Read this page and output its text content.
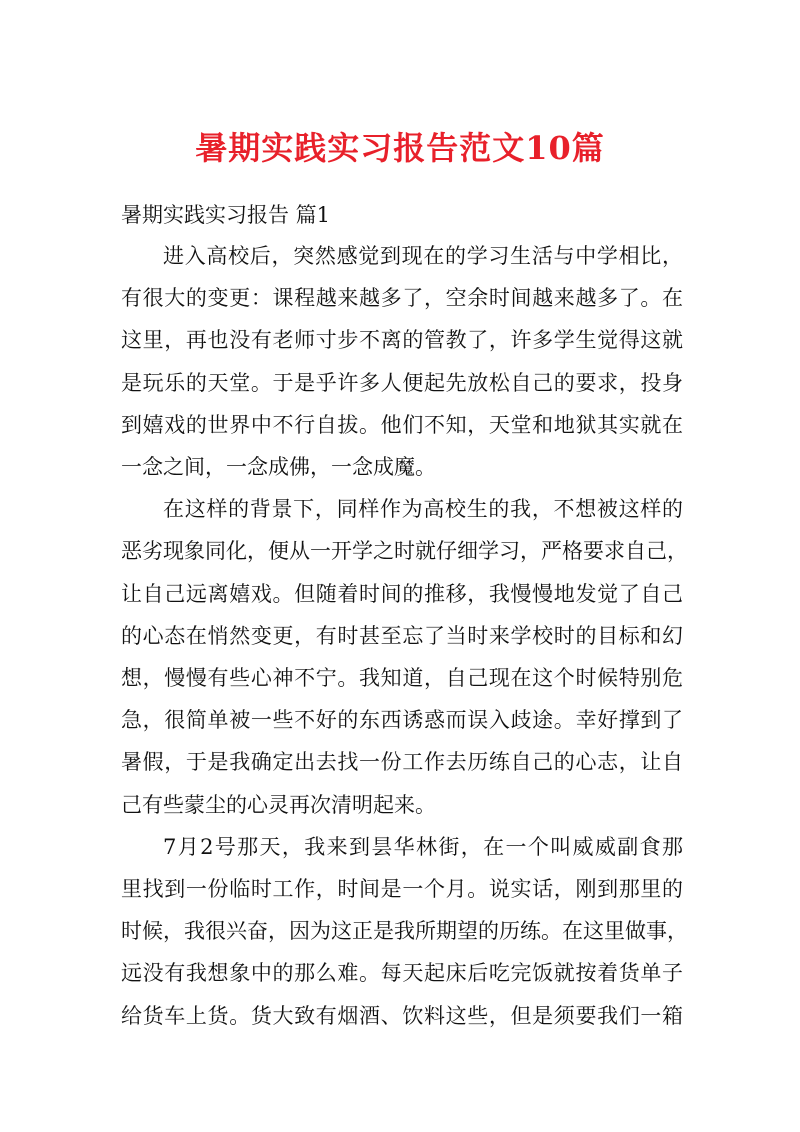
暑期实践实习报告范文10篇
暑期实践实习报告 篇1

进入高校后，突然感觉到现在的学习生活与中学相比，
有很大的变更：课程越来越多了，空余时间越来越多了。在
这里，再也没有老师寸步不离的管教了，许多学生觉得这就
是玩乐的天堂。于是乎许多人便起先放松自己的要求，投身
到嬉戏的世界中不行自拔。他们不知，天堂和地狱其实就在
一念之间，一念成佛，一念成魔。

在这样的背景下，同样作为高校生的我，不想被这样的
恶劣现象同化，便从一开学之时就仔细学习，严格要求自己，
让自己远离嬉戏。但随着时间的推移，我慢慢地发觉了自己
的心态在悄然变更，有时甚至忘了当时来学校时的目标和幻
想，慢慢有些心神不宁。我知道，自己现在这个时候特别危
急，很简单被一些不好的东西诱惑而误入歧途。幸好撑到了
暑假，于是我确定出去找一份工作去历练自己的心志，让自
己有些蒙尘的心灵再次清明起来。

7月2号那天，我来到昙华林街，在一个叫威威副食那
里找到一份临时工作，时间是一个月。说实话，刚到那里的
时候，我很兴奋，因为这正是我所期望的历练。在这里做事，
远没有我想象中的那么难。每天起床后吃完饭就按着货单子
给货车上货。货大致有烟酒、饮料这些，但是须要我们一箱
